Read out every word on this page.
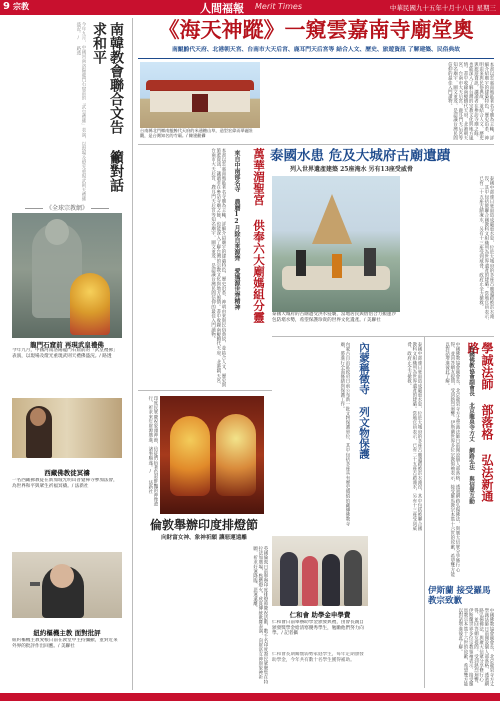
9 宗教	人間福報 Merit Times	中華民國九十五年十月十八日 星期三
南韓教會聯合文告 籲對話求和平
今年九月，中國河南洛陽龍門石窟前的「武皇禮佛」表演，以現場及燈光重現武則天禮佛盛況。/ 路透
《全球宗教網》
龍門石窟前 再現武皇禮佛
今年九月，中國河南洛陽龍門石窟前的「武皇禮佛」表演，以現場及燈光重現武則天禮佛盛況。/ 路透
西藏佛教徒冥禱
一名西藏佛教徒在新加坡光明山普覺禪寺參加法會，為世界和平與眾生祈福冥禱。/ 法新社
紐約樞機主教 面對批評
紐約樞機主教愛根日前在教堂中主持彌撒，並對近來外界的批評作出回應。/ 美聯社
《海天神蹤》一窺雲嘉南寺廟堂奧
南鯤鯓代天府、北港朝天宮、台南市大天后宮、鹿耳門天后宮等 結合人文、歷史、旅遊資訊 了解建築、民俗典故
台南縣北門鄉南鯤鯓代天府的米通糖山草，造型宏偉而華麗壯觀，是台灣知名的寺廟。/ 陳建勳攝	本書以雲嘉南地區著名寺廟為主軸，詳細介紹廟宇的建築特色、歷史沿革、神明由來與民俗典故，並結合人文、歷史與旅遊資訊，讓讀者在參訪寺廟之餘，也能深入了解台灣的宗教文化與地方風情。書中收錄南鯤鯓代天府、北港朝天宮、台南市大天后宮、鹿耳門天后宮等知名廟宇，圖文並茂，是認識台灣民間信仰的最佳入門讀物。
本書以雲嘉南地區著名寺廟為主軸，詳細介紹廟宇的建築特色、歷史沿革、神明由來與民俗典故，並結合人文、歷史與旅遊資訊，讓讀者在參訪寺廟之餘，也能深入了解台灣的宗教文化與地方風情。書中收錄南鯤鯓代天府、北港朝天宮、台南市大天后宮、鹿耳門天后宮等知名廟宇，圖文並茂，是認識台灣民間信仰的最佳入門讀物。	萬華湄聖宮 供奉六大廟媽組分靈
來自中南部名寺 農曆12月除自來源齊 愛媽源世齊精神 泰國水患 危及大城府古廟遺蹟
列入世界遺產建築 25座淹水 另有13座受威脅
泰國大城府的古廟遭受洪水侵襲，當地居民與僧侶合力搬運沙包防堵水勢，希望保護珍貴的世界文化遺產。/ 美聯社
泰國中部連日豪雨造成嚴重水患，位於大城府的多座古廟遺蹟被洪水淹沒，其中包括被聯合國教科文組織列為世界遺產的建築。當地官員表示，已有二十五座古蹟淹水，另有十三座受到威脅，政府正全力搶救。
印度民眾慶祝象頭神節，信徒們抬著色彩鮮豔的神像遊行，祈求來年財源廣進、諸事順遂。/ 法新社
倫敦舉辦印度排燈節
向財富女神、象神祈願 讓惡運遠離
英國倫敦日前舉辦印度排燈節慶祝活動，數千名印度裔民眾聚集在特拉法加廣場，點燃燈火、欣賞傳統歌舞表演，向財富女神與象神祈願，祈求好運降臨、惡運遠離。
內蒙稱徵寺 列文物保護
內蒙古自治區政府日前公布新一批文物保護單位，其中包括多座具有歷史價值的藏傳佛教寺廟，將進行全面修繕與保護工作。	泰國中部連日豪雨造成嚴重水患，位於大城府的多座古廟遺蹟被洪水淹沒，其中包括被聯合國教科文組織列為世界遺產的建築。當地官員表示，已有二十五座古蹟淹水，另有十三座受到威脅，政府正全力搶救。
仁和會 助學金申學費
仁和會日前舉辦助學金頒發典禮，由會長親自頒發獎學金給清寒優秀學生，勉勵他們努力向學。/ 記者攝
仁和會長期關懷弱勢家庭學生，每年定期頒發助學金，今年共有數十名學生獲得補助。
學誠法師 部落格 弘法新通路
中國佛教協會副會長 北京龍泉寺方丈 網路弘法 與信眾互動
中國佛教協會副會長、北京龍泉寺方丈學誠法師日前開設個人部落格，透過網路弘揚佛法，與廣大信眾分享修行心得，並回答網友提問，受到熱烈迴響。伊斯蘭世界多位宗教領袖表示，接受羅馬教宗本篤十六世的致歉，希望雙方能以對話增進彼此了解。
伊斯蘭 接受羅馬教宗致歉
中國佛教協會副會長、北京龍泉寺方丈學誠法師日前開設個人部落格，透過網路弘揚佛法，與廣大信眾分享修行心得，並回答網友提問，受到熱烈迴響。伊斯蘭世界多位宗教領袖表示，接受羅馬教宗本篤十六世的致歉，希望雙方能以對話增進彼此了解。
